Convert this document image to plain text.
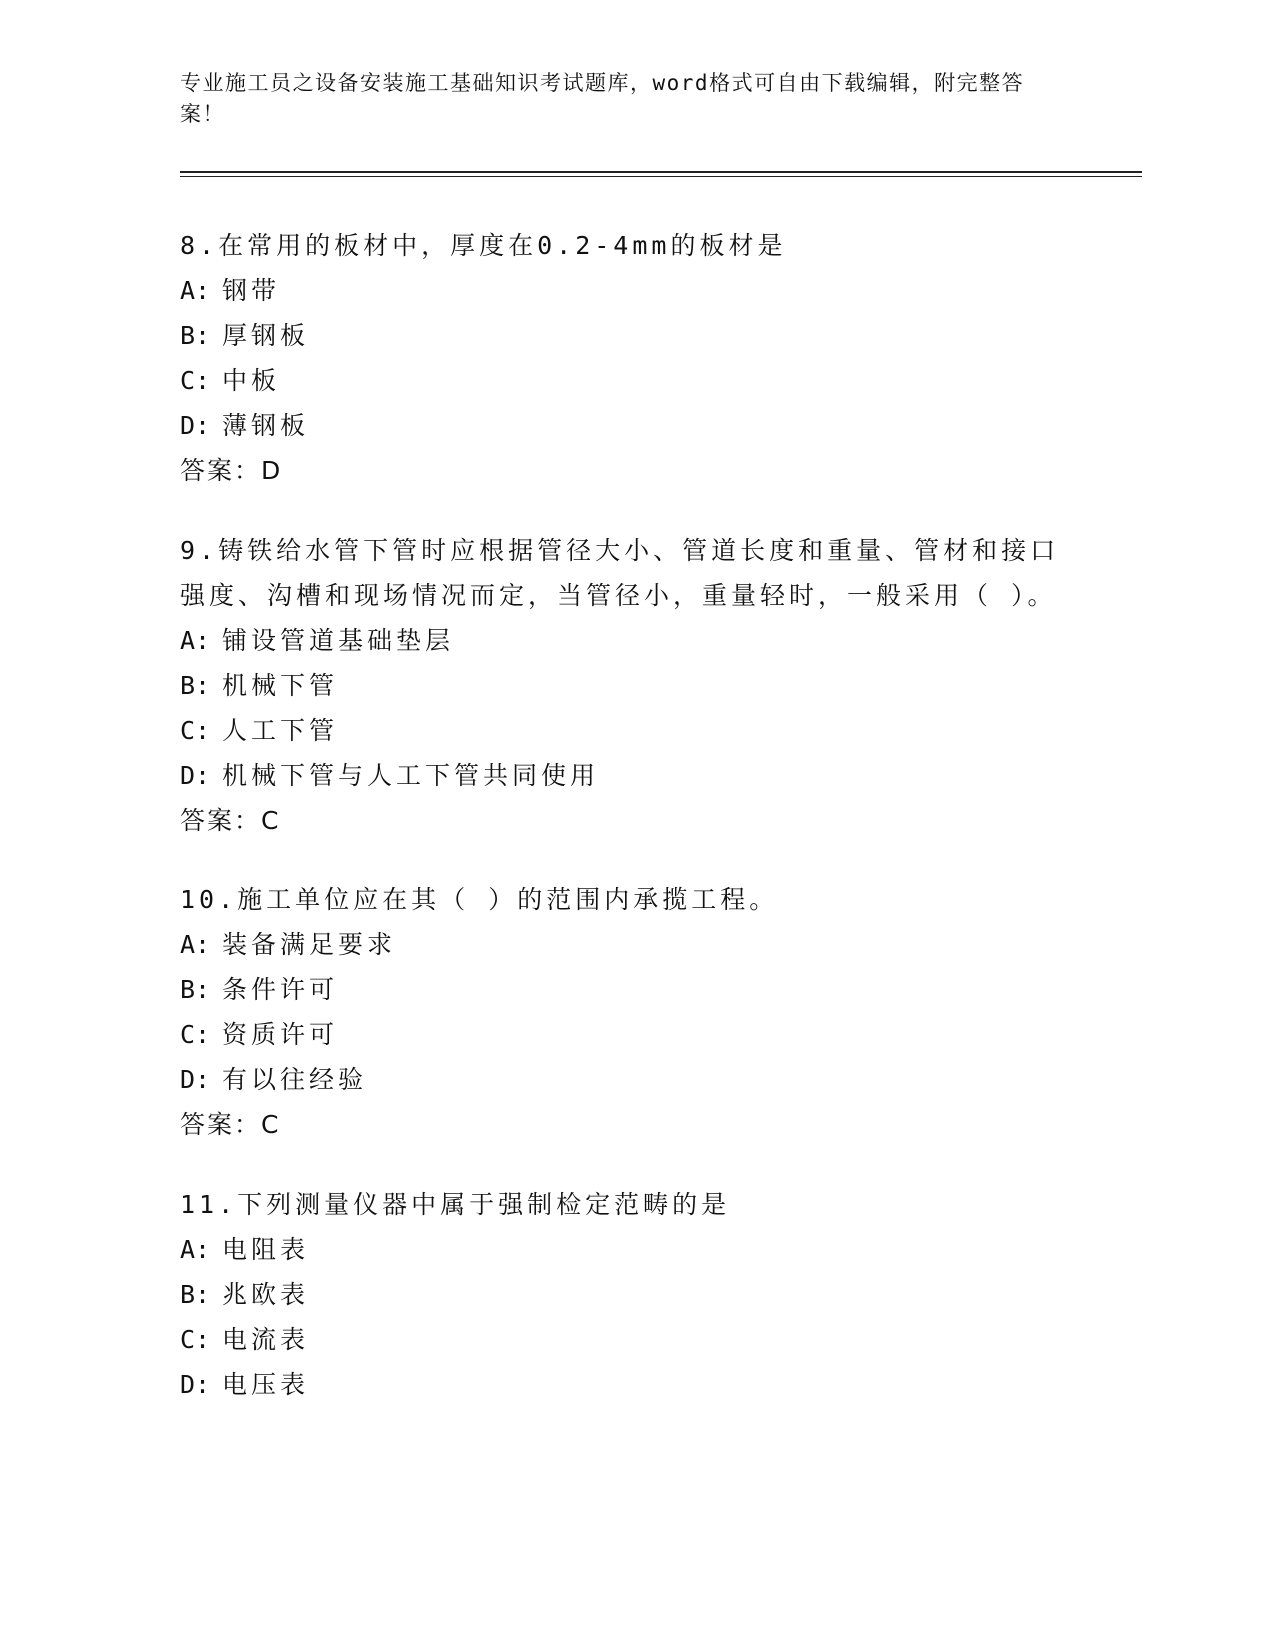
专业施工员之设备安装施工基础知识考试题库，word格式可自由下载编辑，附完整答案！

8.在常用的板材中，厚度在0.2-4mm的板材是

A: 钢带

B: 厚钢板

C: 中板

D: 薄钢板

答案：D

9.铸铁给水管下管时应根据管径大小、管道长度和重量、管材和接口强度、沟槽和现场情况而定，当管径小，重量轻时，一般采用（ ）。

A: 铺设管道基础垫层

B: 机械下管

C: 人工下管

D: 机械下管与人工下管共同使用

答案：C

10.施工单位应在其（ ）的范围内承揽工程。

A: 装备满足要求

B: 条件许可

C: 资质许可

D: 有以往经验

答案：C

11.下列测量仪器中属于强制检定范畴的是

A: 电阻表

B: 兆欧表

C: 电流表

D: 电压表
